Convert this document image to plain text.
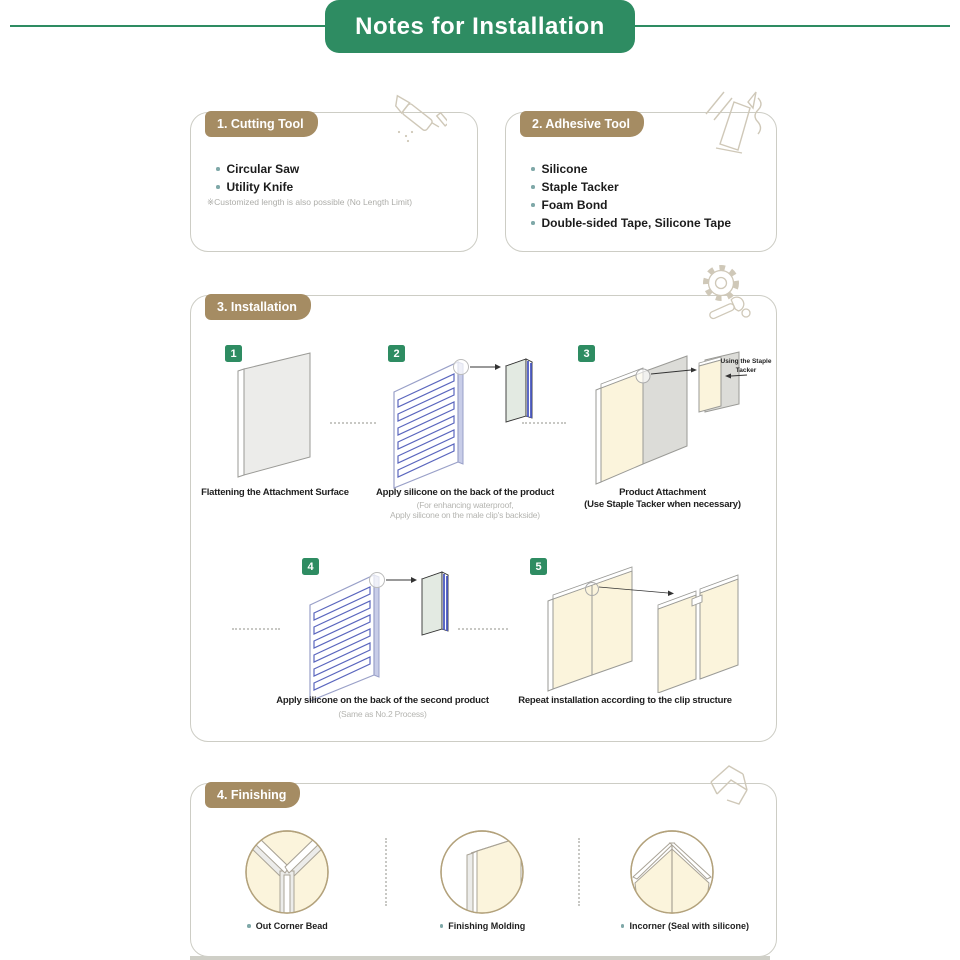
Notes for Installation
1. Cutting Tool
Circular Saw
Utility Knife
※Customized length is also possible (No Length Limit)
2. Adhesive Tool
Silicone
Staple Tacker
Foam Bond
Double-sided Tape, Silicone Tape
3. Installation
1
Flattening the Attachment Surface
2
Apply silicone on the back of the product
(For enhancing waterproof,
Apply silicone on the male clip's backside)
3
Using the Staple Tacker
Product Attachment
(Use Staple Tacker when necessary)
4
Apply silicone on the back of the second product
(Same as No.2 Process)
5
Repeat installation according to the clip structure
4. Finishing
Out Corner Bead	Finishing Molding	Incorner (Seal with silicone)
